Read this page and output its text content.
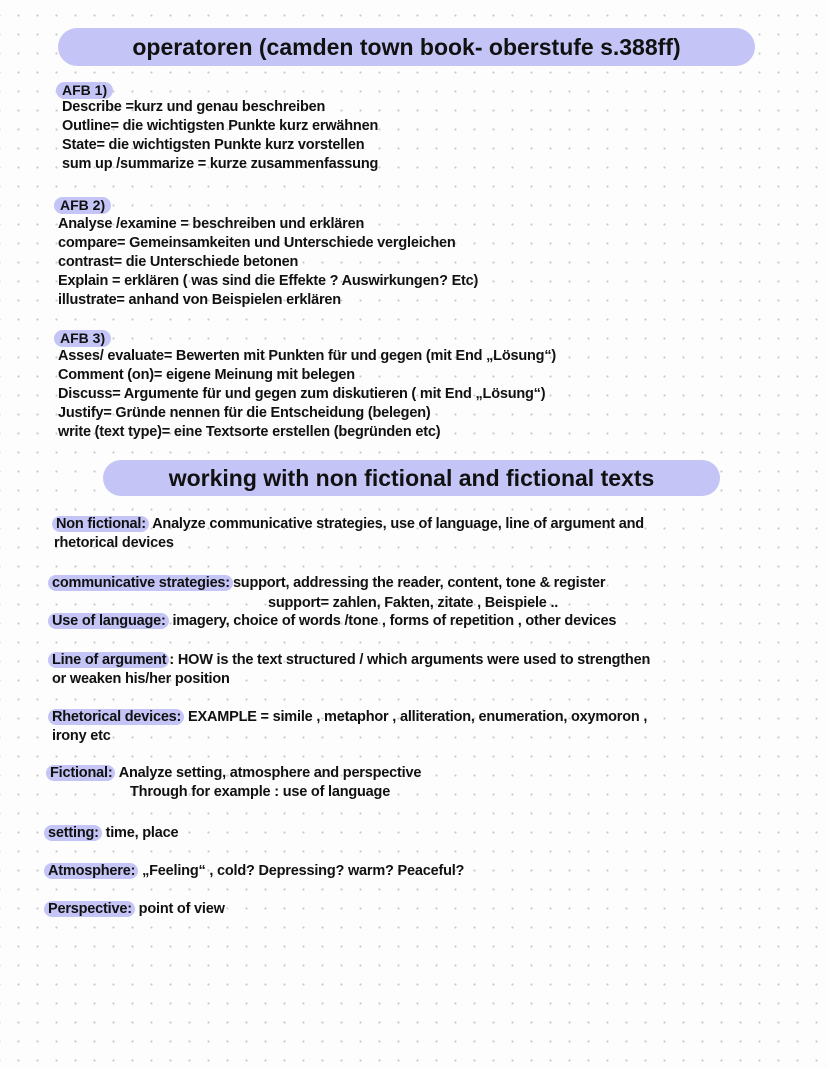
operatoren (camden town book- oberstufe s.388ff)
AFB 1)
Describe =kurz und genau beschreiben
Outline= die wichtigsten Punkte kurz erwähnen
State= die wichtigsten Punkte kurz vorstellen
sum up /summarize = kurze zusammenfassung
AFB 2)
Analyse /examine = beschreiben und erklären
compare= Gemeinsamkeiten und Unterschiede vergleichen
contrast= die Unterschiede betonen
Explain = erklären ( was sind die Effekte ? Auswirkungen? Etc)
illustrate= anhand von Beispielen erklären
AFB 3)
Asses/ evaluate= Bewerten mit Punkten für und gegen (mit End „Lösung“)
Comment (on)= eigene Meinung mit belegen
Discuss= Argumente für und gegen zum diskutieren ( mit End „Lösung“)
Justify= Gründe nennen für die Entscheidung (belegen)
write (text type)= eine Textsorte erstellen (begründen etc)
working with non fictional and fictional texts
Non fictional: Analyze communicative strategies, use of language, line of argument and
rhetorical devices
communicative strategies: support, addressing the reader, content, tone & register
support= zahlen, Fakten, zitate , Beispiele ..
Use of language: imagery, choice of words /tone , forms of repetition , other devices
Line of argument : HOW is the text structured / which arguments were used to strengthen
or weaken his/her position
Rhetorical devices: EXAMPLE = simile , metaphor , alliteration, enumeration, oxymoron ,
irony etc
Fictional: Analyze setting, atmosphere and perspective
Through for example : use of language
setting: time, place
Atmosphere: „Feeling“ , cold? Depressing? warm? Peaceful?
Perspective: point of view
